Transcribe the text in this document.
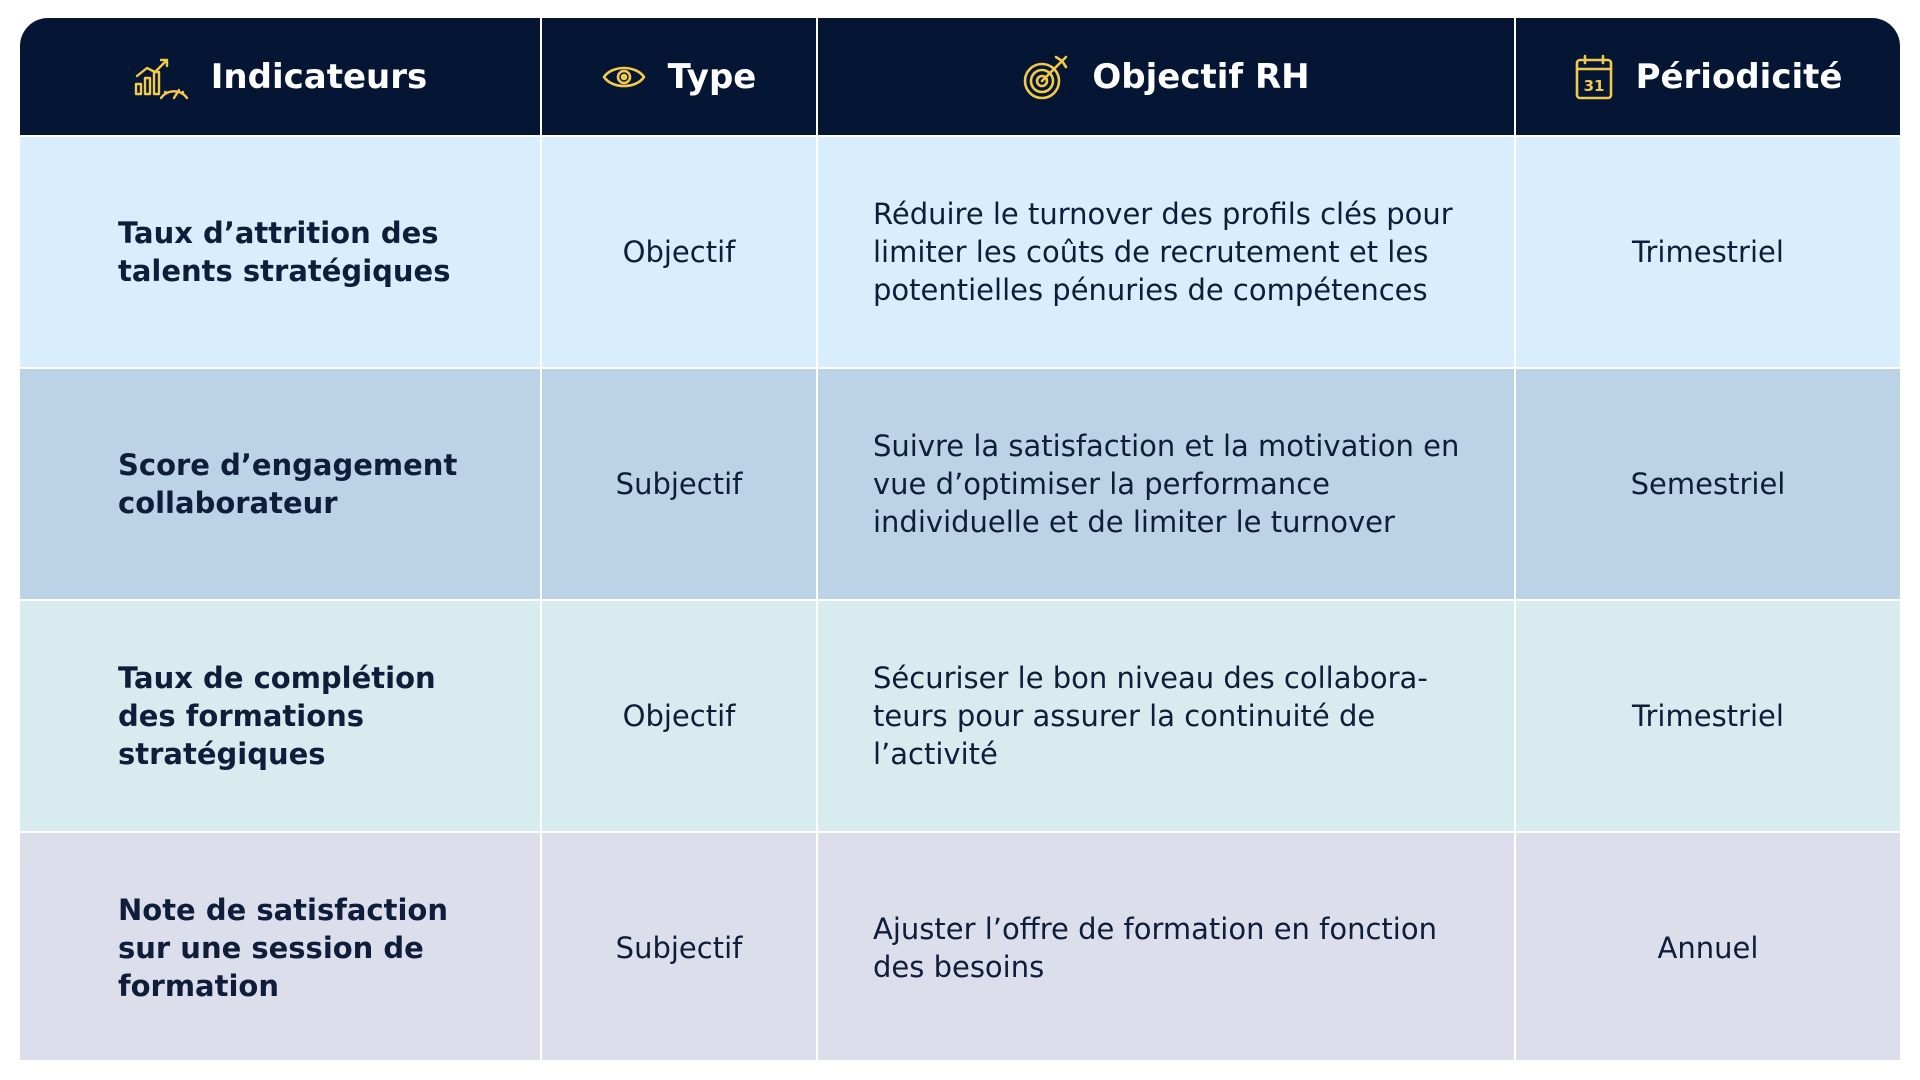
Indicateurs	Type	Objectif RH	31 Périodicité

Taux d’attrition des talents stratégiques	Objectif	Réduire le turnover des profils clés pour limiter les coûts de recrutement et les potentielles pénuries de compétences	Trimestriel
Score d’engagement collaborateur	Subjectif	Suivre la satisfaction et la motivation en vue d’optimiser la performance individuelle et de limiter le turnover	Semestriel
Taux de complétion des formations stratégiques	Objectif	Sécuriser le bon niveau des collabora-teurs pour assurer la continuité de l’activité	Trimestriel
Note de satisfaction sur une session de formation	Subjectif	Ajuster l’offre de formation en fonction des besoins	Annuel
